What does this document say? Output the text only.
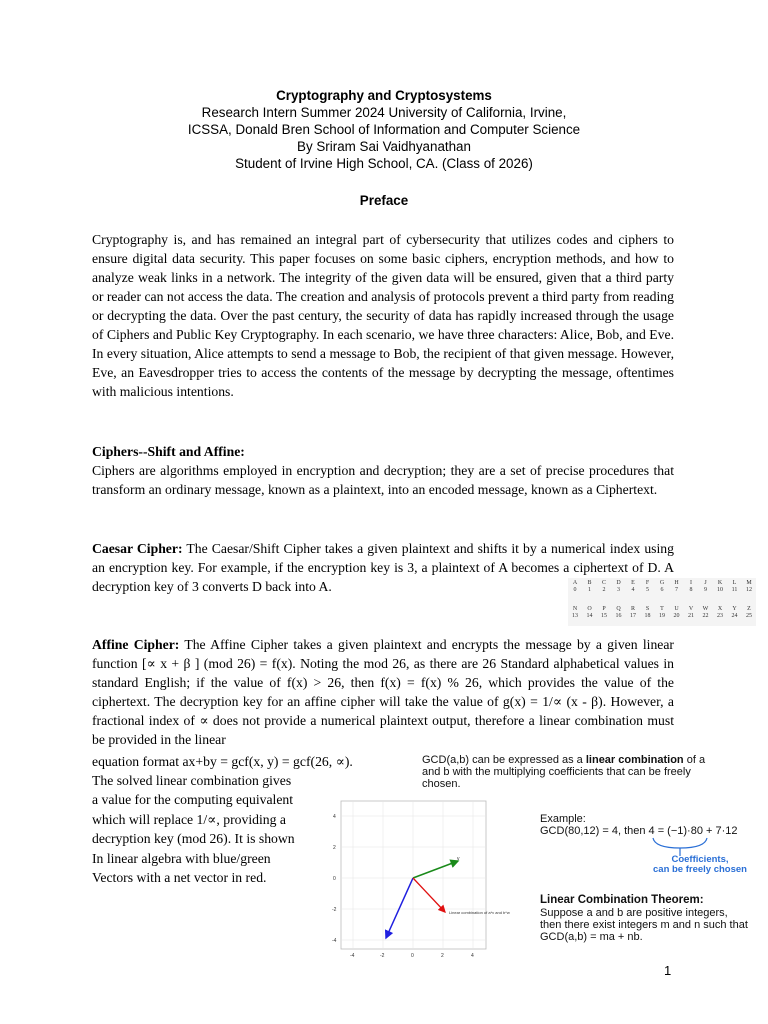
Cryptography and Cryptosystems
Research Intern Summer 2024 University of California, Irvine,
ICSSA, Donald Bren School of Information and Computer Science
By Sriram Sai Vaidhyanathan
Student of Irvine High School, CA. (Class of 2026)
Preface
Cryptography is, and has remained an integral part of cybersecurity that utilizes codes and ciphers to ensure digital data security. This paper focuses on some basic ciphers, encryption methods, and how to analyze weak links in a network. The integrity of the given data will be ensured, given that a third party or reader can not access the data. The creation and analysis of protocols prevent a third party from reading or decrypting the data. Over the past century, the security of data has rapidly increased through the usage of Ciphers and Public Key Cryptography. In each scenario, we have three characters: Alice, Bob, and Eve. In every situation, Alice attempts to send a message to Bob, the recipient of that given message. However, Eve, an Eavesdropper tries to access the contents of the message by decrypting the message, oftentimes with malicious intentions.
Ciphers--Shift and Affine:
Ciphers are algorithms employed in encryption and decryption; they are a set of precise procedures that transform an ordinary message, known as a plaintext, into an encoded message, known as a Ciphertext.
Caesar Cipher: The Caesar/Shift Cipher takes a given plaintext and shifts it by a numerical index using an encryption key. For example, if the encryption key is 3, a plaintext of A becomes a ciphertext of D. A decryption key of 3 converts D back into A.	A	B	C	D	E	F	G	H	I	J	K	L	M
0	1	2	3	4	5	6	7	8	9	10	11	12
N	O	P	Q	R	S	T	U	V	W	X	Y	Z
13	14	15	16	17	18	19	20	21	22	23	24	25
Affine Cipher: The Affine Cipher takes a given plaintext and encrypts the message by a given linear function [∝ x + β ] (mod 26) = f(x). Noting the mod 26, as there are 26 Standard alphabetical values in standard English; if the value of f(x) > 26, then f(x) = f(x) % 26, which provides the value of the ciphertext. The decryption key for an affine cipher will take the value of g(x) = 1/∝ (x - β). However, a fractional index of ∝ does not provide a numerical plaintext output, therefore a linear combination must be provided in the linear
equation format ax+by = gcf(x, y) = gcf(26, ∝).
The solved linear combination gives
a value for the computing equivalent
which will replace 1/∝, providing a
decryption key (mod 26). It is shown
In linear algebra with blue/green
Vectors with a net vector in red.
v
Linear combination of a*v and b*w
-4	-2	0	2	4
4
2
0
-2
-4
GCD(a,b) can be expressed as a linear combination of a
and b with the multiplying coefficients that can be freely
chosen.
Example:
GCD(80,12) = 4, then 4 = (−1)·80 + 7·12
Coefficients,
can be freely chosen
Linear Combination Theorem:
Suppose a and b are positive integers,
then there exist integers m and n such that
GCD(a,b) = ma + nb.
1
